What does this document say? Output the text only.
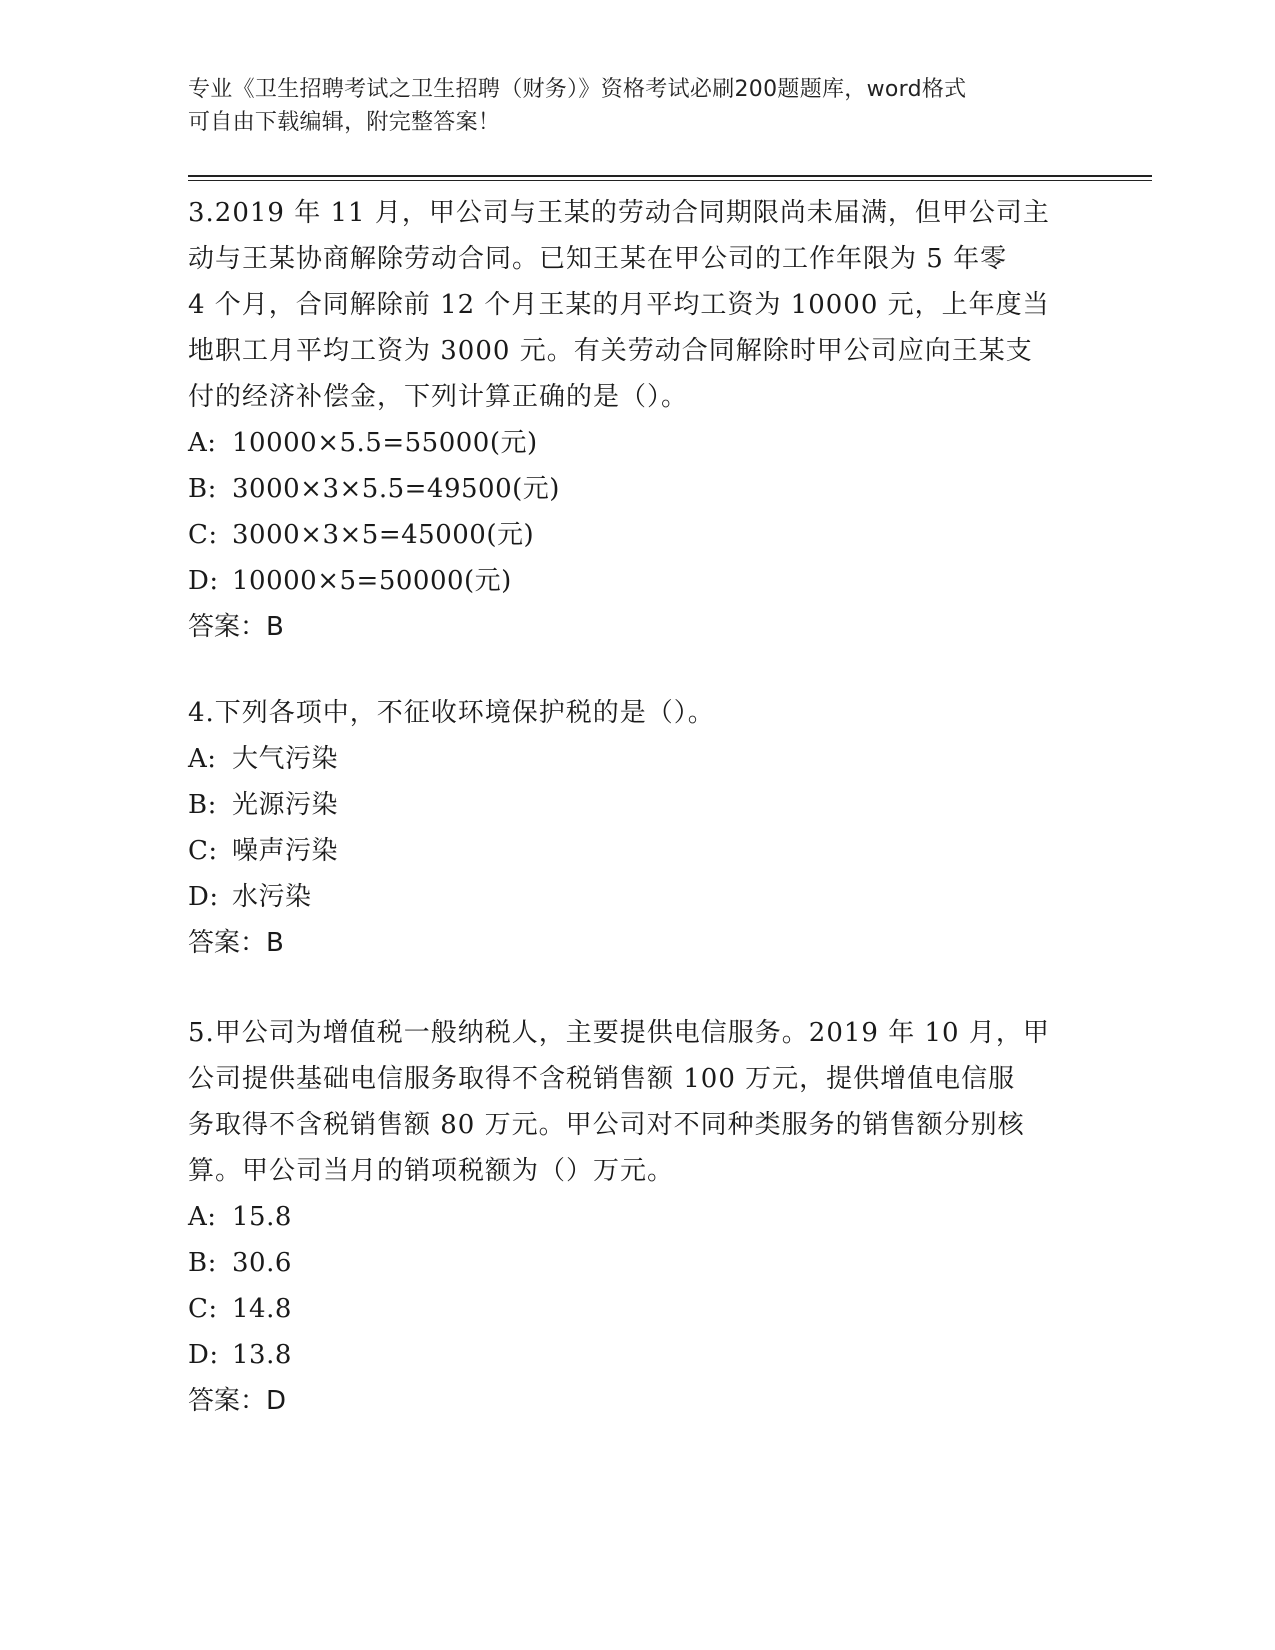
专业《卫生招聘考试之卫生招聘（财务）》资格考试必刷200题题库，word格式
可自由下载编辑，附完整答案！
3.2019 年 11 月，甲公司与王某的劳动合同期限尚未届满，但甲公司主
动与王某协商解除劳动合同。已知王某在甲公司的工作年限为 5 年零
4 个月，合同解除前 12 个月王某的月平均工资为 10000 元，上年度当
地职工月平均工资为 3000 元。有关劳动合同解除时甲公司应向王某支
付的经济补偿金，下列计算正确的是（）。
A: 10000×5.5=55000(元)
B: 3000×3×5.5=49500(元)
C: 3000×3×5=45000(元)
D: 10000×5=50000(元)
答案：B
4.下列各项中，不征收环境保护税的是（）。
A: 大气污染
B: 光源污染
C: 噪声污染
D: 水污染
答案：B
5.甲公司为增值税一般纳税人，主要提供电信服务。2019 年 10 月，甲
公司提供基础电信服务取得不含税销售额 100 万元，提供增值电信服
务取得不含税销售额 80 万元。甲公司对不同种类服务的销售额分别核
算。甲公司当月的销项税额为（）万元。
A: 15.8
B: 30.6
C: 14.8
D: 13.8
答案：D
